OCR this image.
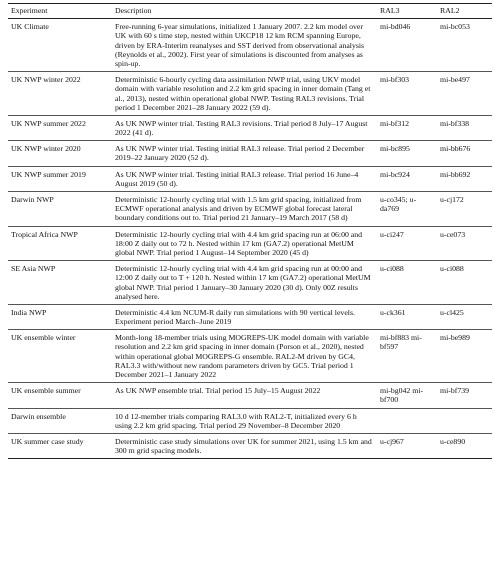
Experiment	Description	RAL3	RAL2
UK Climate	Free-running 6-year simulations, initialized 1 January 2007. 2.2 km model over UK with 60 s time step, nested within UKCP18 12 km RCM spanning Europe, driven by ERA-Interim reanalyses and SST derived from observational analysis (Reynolds et al., 2002). First year of simulations is discounted from analyses as spin-up.	mi-bd046	mi-bc053
UK NWP winter 2022	Deterministic 6-hourly cycling data assimilation NWP trial, using UKV model domain with variable resolution and 2.2 km grid spacing in inner domain (Tang et al., 2013), nested within operational global NWP. Testing RAL3 revisions. Trial period 1 December 2021–28 January 2022 (59 d).	mi-bf303	mi-be497
UK NWP summer 2022	As UK NWP winter trial. Testing RAL3 revisions. Trial period 8 July–17 August 2022 (41 d).	mi-bf312	mi-bf338
UK NWP winter 2020	As UK NWP winter trial. Testing initial RAL3 release. Trial period 2 December 2019–22 January 2020 (52 d).	mi-bc895	mi-bb676
UK NWP summer 2019	As UK NWP winter trial. Testing initial RAL3 release. Trial period 16 June–4 August 2019 (50 d).	mi-bc924	mi-bb692
Darwin NWP	Deterministic 12-hourly cycling trial with 1.5 km grid spacing, initialized from ECMWF operational analysis and driven by ECMWF global forecast lateral boundary conditions out to. Trial period 21 January–19 March 2017 (58 d)	u-co345; u-da769	u-cj172
Tropical Africa NWP	Deterministic 12-hourly cycling trial with 4.4 km grid spacing run at 06:00 and 18:00 Z daily out to 72 h. Nested within 17 km (GA7.2) operational MetUM global NWP. Trial period 1 August–14 September 2020 (45 d)	u-ci247	u-ce073
SE Asia NWP	Deterministic 12-hourly cycling trial with 4.4 km grid spacing run at 00:00 and 12:00 Z daily out to T + 120 h. Nested within 17 km (GA7.2) operational MetUM global NWP. Trial period 1 January–30 January 2020 (30 d). Only 00Z results analysed here.	u-ci088	u-ci088
India NWP	Deterministic 4.4 km NCUM-R daily run simulations with 90 vertical levels. Experiment period March–June 2019	u-ck361	u-cl425
UK ensemble winter	Month-long 18-member trials using MOGREPS-UK model domain with variable resolution and 2.2 km grid spacing in inner domain (Porson et al., 2020), nested within operational global MOGREPS-G ensemble. RAL2-M driven by GC4, RAL3.3 with/without new random parameters driven by GC5. Trial period 1 December 2021–1 January 2022	mi-bf883 mi-bf597	mi-be989
UK ensemble summer	As UK NWP ensemble trial. Trial period 15 July–15 August 2022	mi-bg042 mi-bf700	mi-bf739
Darwin ensemble	10 d 12-member trials comparing RAL3.0 with RAL2-T, initialized every 6 h using 2.2 km grid spacing. Trial period 29 November–8 December 2020		
UK summer case study	Deterministic case study simulations over UK for summer 2021, using 1.5 km and 300 m grid spacing models.	u-cj967	u-ce890
